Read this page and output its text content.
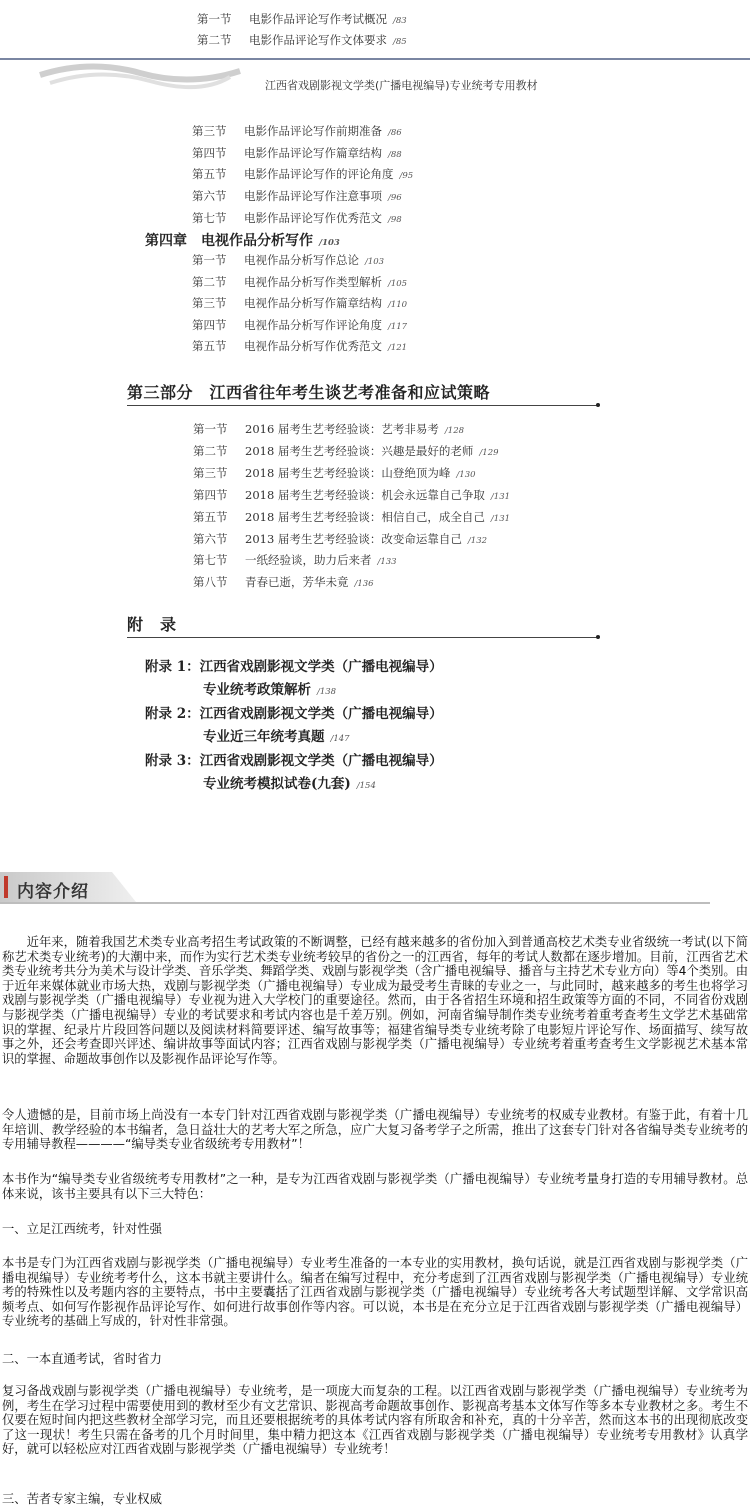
第一节 电影作品评论写作考试概况 /83
第二节 电影作品评论写作文体要求 /85
江西省戏剧影视文学类(广播电视编导)专业统考专用教材
第三节 电影作品评论写作前期准备 /86
第四节 电影作品评论写作篇章结构 /88
第五节 电影作品评论写作的评论角度 /95
第六节 电影作品评论写作注意事项 /96
第七节 电影作品评论写作优秀范文 /98
第四章　电视作品分析写作 /103
第一节 电视作品分析写作总论 /103
第二节 电视作品分析写作类型解析 /105
第三节 电视作品分析写作篇章结构 /110
第四节 电视作品分析写作评论角度 /117
第五节 电视作品分析写作优秀范文 /121
第三部分　江西省往年考生谈艺考准备和应试策略
第一节 2016 届考生艺考经验谈：艺考非易考 /128
第二节 2018 届考生艺考经验谈：兴趣是最好的老师 /129
第三节 2018 届考生艺考经验谈：山登绝顶为峰 /130
第四节 2018 届考生艺考经验谈：机会永远靠自己争取 /131
第五节 2018 届考生艺考经验谈：相信自己，成全自己 /131
第六节 2013 届考生艺考经验谈：改变命运靠自己 /132
第七节 一纸经验谈，助力后来者 /133
第八节 青春已逝，芳华未竟 /136
附　录
附录 1：江西省戏剧影视文学类（广播电视编导）
专业统考政策解析 /138
附录 2：江西省戏剧影视文学类（广播电视编导）
专业近三年统考真题 /147
附录 3：江西省戏剧影视文学类（广播电视编导）
专业统考模拟试卷(九套) /154
内容介绍

近年来，随着我国艺术类专业高考招生考试政策的不断调整，已经有越来越多的省份加入到普通高校艺术类专业省级统一考试(以下简称艺术类专业统考)的大潮中来，而作为实行艺术类专业统考较早的省份之一的江西省，每年的考试人数都在逐步增加。目前，江西省艺术类专业统考共分为美术与设计学类、音乐学类、舞蹈学类、戏剧与影视学类（含广播电视编导、播音与主持艺术专业方向）等4个类别。由于近年来媒体就业市场大热，戏剧与影视学类（广播电视编导）专业成为最受考生青睐的专业之一，与此同时，越来越多的考生也将学习戏剧与影视学类（广播电视编导）专业视为进入大学校门的重要途径。然而，由于各省招生环境和招生政策等方面的不同，不同省份戏剧与影视学类（广播电视编导）专业的考试要求和考试内容也是千差万别。例如，河南省编导制作类专业统考着重考查考生文学艺术基础常识的掌握、纪录片片段回答问题以及阅读材料简要评述、编写故事等；福建省编导类专业统考除了电影短片评论写作、场面描写、续写故事之外，还会考查即兴评述、编讲故事等面试内容；江西省戏剧与影视学类（广播电视编导）专业统考着重考查考生文学影视艺术基本常识的掌握、命题故事创作以及影视作品评论写作等。

令人遗憾的是，目前市场上尚没有一本专门针对江西省戏剧与影视学类（广播电视编导）专业统考的权威专业教材。有鉴于此，有着十几年培训、教学经验的本书编者，急日益壮大的艺考大军之所急，应广大复习备考学子之所需，推出了这套专门针对各省编导类专业统考的专用辅导教程————“编导类专业省级统考专用教材”！

本书作为“编导类专业省级统考专用教材”之一种，是专为江西省戏剧与影视学类（广播电视编导）专业统考量身打造的专用辅导教材。总体来说，该书主要具有以下三大特色：

一、立足江西统考，针对性强

本书是专门为江西省戏剧与影视学类（广播电视编导）专业考生准备的一本专业的实用教材，换句话说，就是江西省戏剧与影视学类（广播电视编导）专业统考考什么，这本书就主要讲什么。编者在编写过程中，充分考虑到了江西省戏剧与影视学类（广播电视编导）专业统考的特殊性以及考题内容的主要特点，书中主要囊括了江西省戏剧与影视学类（广播电视编导）专业统考各大考试题型详解、文学常识高频考点、如何写作影视作品评论写作、如何进行故事创作等内容。可以说，本书是在充分立足于江西省戏剧与影视学类（广播电视编导）专业统考的基础上写成的，针对性非常强。

二、一本直通考试，省时省力

复习备战戏剧与影视学类（广播电视编导）专业统考，是一项庞大而复杂的工程。以江西省戏剧与影视学类（广播电视编导）专业统考为例，考生在学习过程中需要使用到的教材至少有文艺常识、影视高考命题故事创作、影视高考基本文体写作等多本专业教材之多。考生不仅要在短时间内把这些教材全部学习完，而且还要根据统考的具体考试内容有所取舍和补充，真的十分辛苦，然而这本书的出现彻底改变了这一现状！考生只需在备考的几个月时间里，集中精力把这本《江西省戏剧与影视学类（广播电视编导）专业统考专用教材》认真学好，就可以轻松应对江西省戏剧与影视学类（广播电视编导）专业统考！

三、苦者专家主编，专业权威
